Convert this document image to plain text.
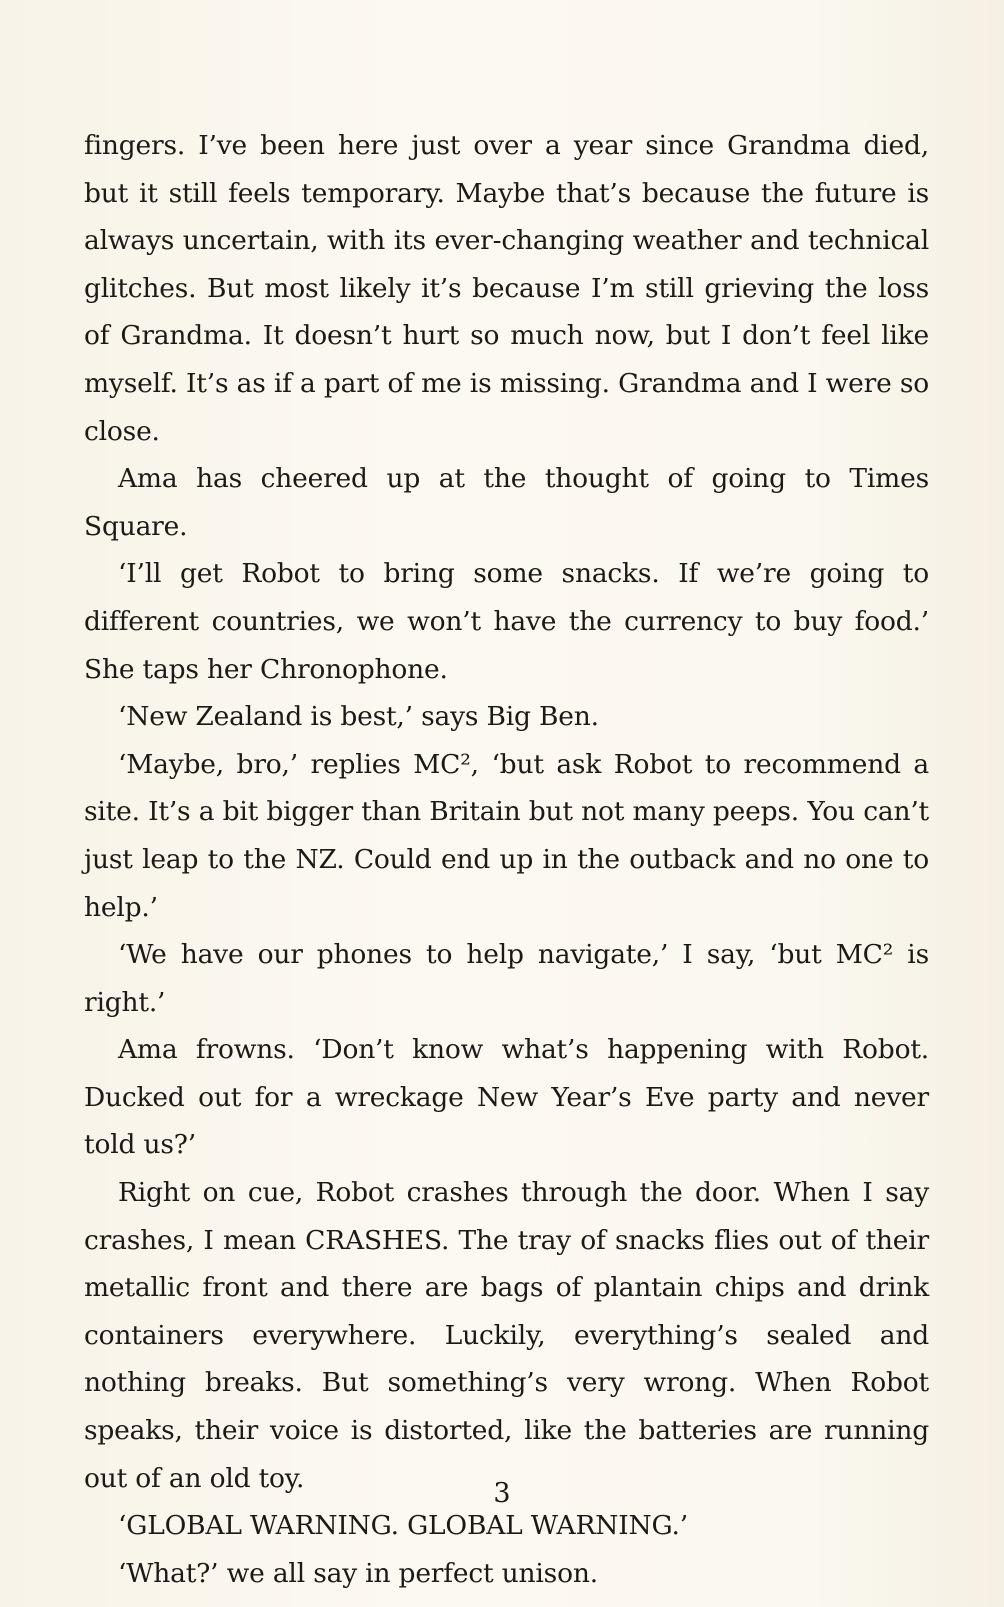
fingers. I’ve been here just over a year since Grandma died, but it still feels temporary. Maybe that’s because the future is always uncertain, with its ever-changing weather and technical glitches. But most likely it’s because I’m still grieving the loss of Grandma. It doesn’t hurt so much now, but I don’t feel like myself. It’s as if a part of me is missing. Grandma and I were so close.

Ama has cheered up at the thought of going to Times Square.

‘I’ll get Robot to bring some snacks. If we’re going to different countries, we won’t have the currency to buy food.’ She taps her Chronophone.

‘New Zealand is best,’ says Big Ben.

‘Maybe, bro,’ replies MC², ‘but ask Robot to recommend a site. It’s a bit bigger than Britain but not many peeps. You can’t just leap to the NZ. Could end up in the outback and no one to help.’

‘We have our phones to help navigate,’ I say, ‘but MC² is right.’

Ama frowns. ‘Don’t know what’s happening with Robot. Ducked out for a wreckage New Year’s Eve party and never told us?’

Right on cue, Robot crashes through the door. When I say crashes, I mean CRASHES. The tray of snacks flies out of their metallic front and there are bags of plantain chips and drink containers everywhere. Luckily, everything’s sealed and nothing breaks. But something’s very wrong. When Robot speaks, their voice is distorted, like the batteries are running out of an old toy.

‘GLOBAL WARNING. GLOBAL WARNING.’

‘What?’ we all say in perfect unison.

3
